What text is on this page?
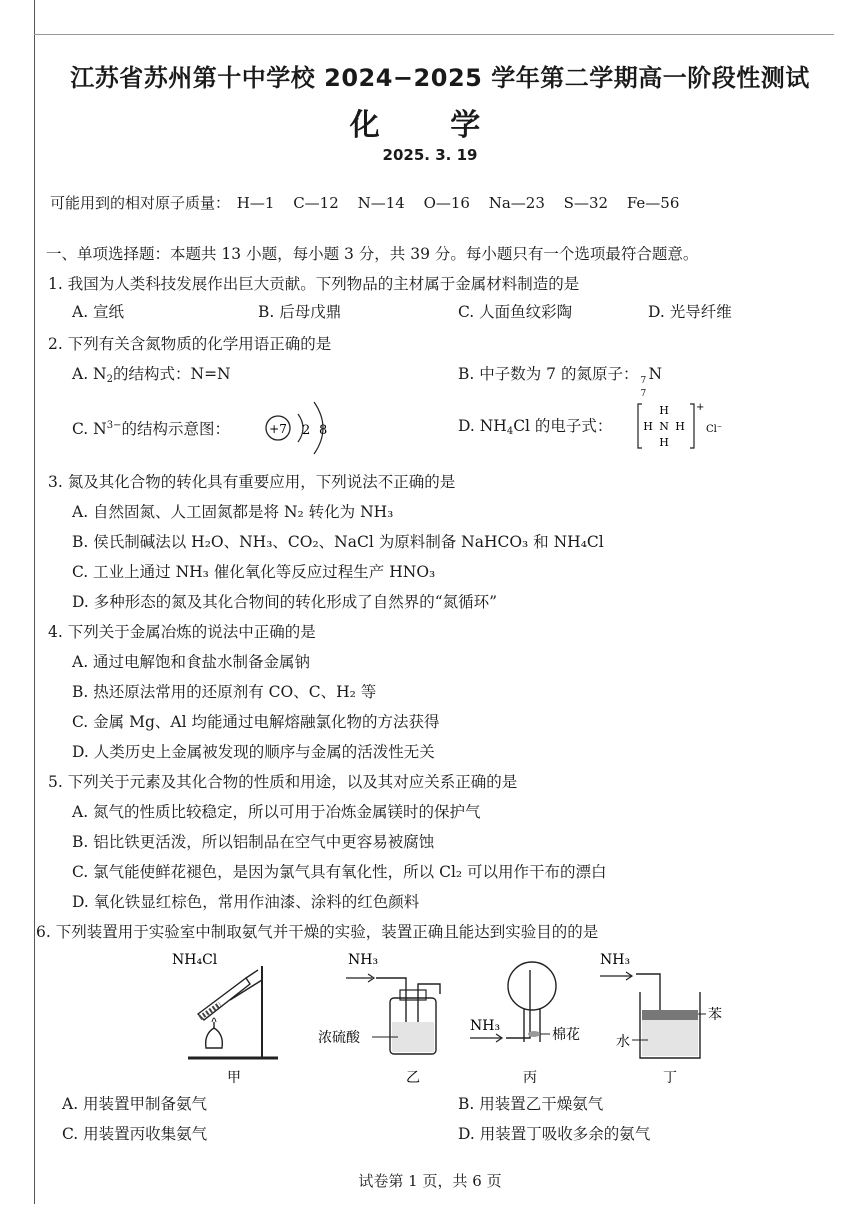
江苏省苏州第十中学校 2024−2025 学年第二学期高一阶段性测试
化 学
2025. 3. 19
可能用到的相对原子质量： H—1 C—12 N—14 O—16 Na—23 S—32 Fe—56
一、单项选择题：本题共 13 小题，每小题 3 分，共 39 分。每小题只有一个选项最符合题意。
1. 我国为人类科技发展作出巨大贡献。下列物品的主材属于金属材料制造的是
A. 宣纸	B. 后母戊鼎	C. 人面鱼纹彩陶	D. 光导纤维
2. 下列有关含氮物质的化学用语正确的是
A. $N_2$的结构式：N=N	B. 中子数为 7 的氮原子： 7
7
N
C. $N^{3-}$的结构示意图：	+7 2 8	D. $NH_4Cl$ 的电子式：
H
H N H
H
+
Cl⁻
3. 氮及其化合物的转化具有重要应用，下列说法不正确的是
A. 自然固氮、人工固氮都是将 N₂ 转化为 NH₃
B. 侯氏制碱法以 H₂O、NH₃、CO₂、NaCl 为原料制备 NaHCO₃ 和 NH₄Cl
C. 工业上通过 NH₃ 催化氧化等反应过程生产 HNO₃
D. 多种形态的氮及其化合物间的转化形成了自然界的“氮循环”
4. 下列关于金属冶炼的说法中正确的是
A. 通过电解饱和食盐水制备金属钠
B. 热还原法常用的还原剂有 CO、C、H₂ 等
C. 金属 Mg、Al 均能通过电解熔融氯化物的方法获得
D. 人类历史上金属被发现的顺序与金属的活泼性无关
5. 下列关于元素及其化合物的性质和用途，以及其对应关系正确的是
A. 氮气的性质比较稳定，所以可用于冶炼金属镁时的保护气
B. 铝比铁更活泼，所以铝制品在空气中更容易被腐蚀
C. 氯气能使鲜花褪色，是因为氯气具有氧化性，所以 Cl₂ 可以用作干布的漂白
D. 氧化铁显红棕色，常用作油漆、涂料的红色颜料
6. 下列装置用于实验室中制取氨气并干燥的实验，装置正确且能达到实验目的的是
NH₄Cl
甲
NH₃
浓硫酸
乙
NH₃
棉花
丙
NH₃
苯
水
丁
A. 用装置甲制备氨气	B. 用装置乙干燥氨气
C. 用装置丙收集氨气	D. 用装置丁吸收多余的氨气
试卷第 1 页，共 6 页
